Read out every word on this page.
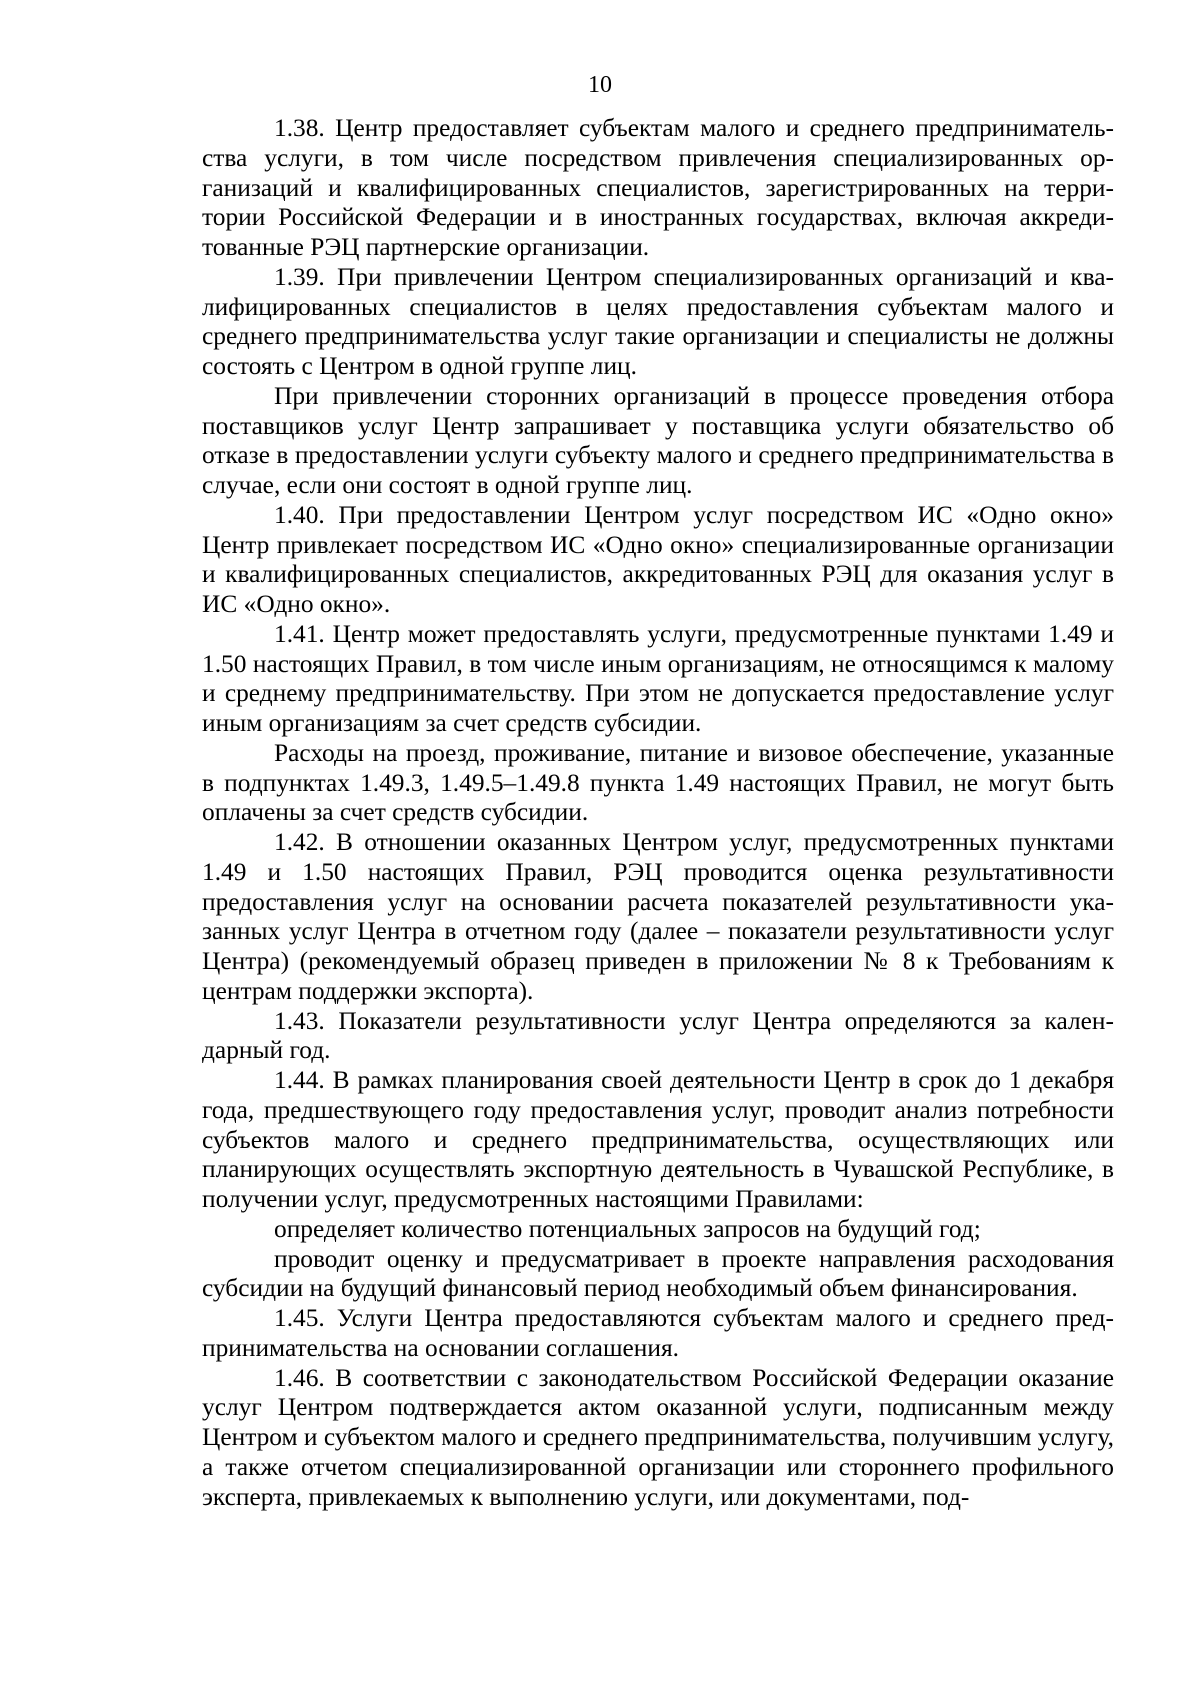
10

1.38. Центр предоставляет субъектам малого и среднего предпринимательства услуги, в том числе посредством привлечения специализированных организаций и квалифицированных специалистов, зарегистрированных на территории Российской Федерации и в иностранных государствах, включая аккредитованные РЭЦ партнерские организации.

1.39. При привлечении Центром специализированных организаций и квалифицированных специалистов в целях предоставления субъектам малого и среднего предпринимательства услуг такие организации и специалисты не должны состоять с Центром в одной группе лиц.

При привлечении сторонних организаций в процессе проведения отбора поставщиков услуг Центр запрашивает у поставщика услуги обязательство об отказе в предоставлении услуги субъекту малого и среднего предпринимательства в случае, если они состоят в одной группе лиц.

1.40. При предоставлении Центром услуг посредством ИС «Одно окно» Центр привлекает посредством ИС «Одно окно» специализированные организации и квалифицированных специалистов, аккредитованных РЭЦ для оказания услуг в ИС «Одно окно».

1.41. Центр может предоставлять услуги, предусмотренные пунктами 1.49 и 1.50 настоящих Правил, в том числе иным организациям, не относящимся к малому и среднему предпринимательству. При этом не допускается предоставление услуг иным организациям за счет средств субсидии.

Расходы на проезд, проживание, питание и визовое обеспечение, указанные в подпунктах 1.49.3, 1.49.5–1.49.8 пункта 1.49 настоящих Правил, не могут быть оплачены за счет средств субсидии.

1.42. В отношении оказанных Центром услуг, предусмотренных пунктами 1.49 и 1.50 настоящих Правил, РЭЦ проводится оценка результативности предоставления услуг на основании расчета показателей результативности указанных услуг Центра в отчетном году (далее – показатели результативности услуг Центра) (рекомендуемый образец приведен в приложении № 8 к Требованиям к центрам поддержки экспорта).

1.43. Показатели результативности услуг Центра определяются за календарный год.

1.44. В рамках планирования своей деятельности Центр в срок до 1 декабря года, предшествующего году предоставления услуг, проводит анализ потребности субъектов малого и среднего предпринимательства, осуществляющих или планирующих осуществлять экспортную деятельность в Чувашской Республике, в получении услуг, предусмотренных настоящими Правилами:

определяет количество потенциальных запросов на будущий год;

проводит оценку и предусматривает в проекте направления расходования субсидии на будущий финансовый период необходимый объем финансирования.

1.45. Услуги Центра предоставляются субъектам малого и среднего предпринимательства на основании соглашения.

1.46. В соответствии с законодательством Российской Федерации оказание услуг Центром подтверждается актом оказанной услуги, подписанным между Центром и субъектом малого и среднего предпринимательства, получившим услугу, а также отчетом специализированной организации или стороннего профильного эксперта, привлекаемых к выполнению услуги, или документами, под-
